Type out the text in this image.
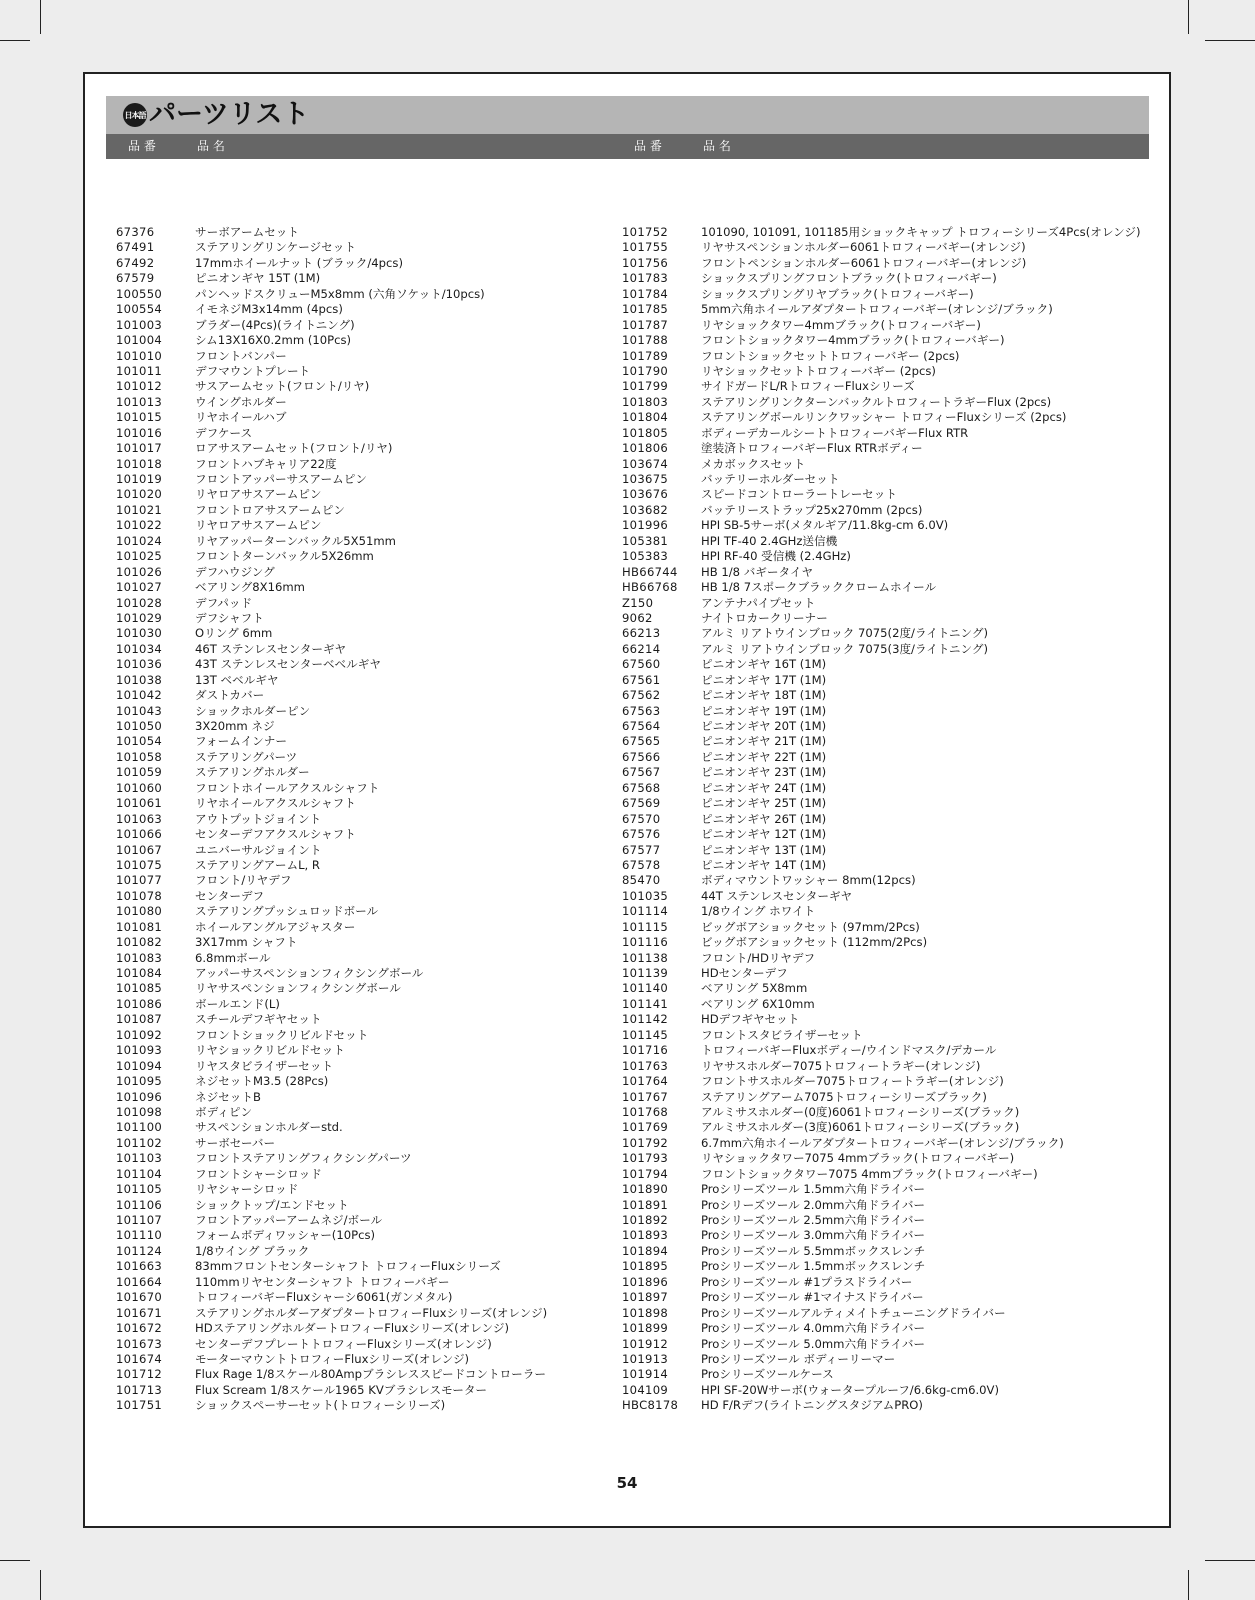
日本語 パーツリスト
品 番	品 名	品 番	品 名
67376	サーボアームセット
67491	ステアリングリンケージセット
67492	17mmホイールナット (ブラック/4pcs)
67579	ピニオンギヤ 15T (1M)
100550	パンヘッドスクリューM5x8mm (六角ソケット/10pcs)
100554	イモネジM3x14mm (4pcs)
101003	ブラダー(4Pcs)(ライトニング)
101004	シム13X16X0.2mm (10Pcs)
101010	フロントバンパー
101011	デフマウントプレート
101012	サスアームセット(フロント/リヤ)
101013	ウイングホルダー
101015	リヤホイールハブ
101016	デフケース
101017	ロアサスアームセット(フロント/リヤ)
101018	フロントハブキャリア22度
101019	フロントアッパーサスアームピン
101020	リヤロアサスアームピン
101021	フロントロアサスアームピン
101022	リヤロアサスアームピン
101024	リヤアッパーターンバックル5X51mm
101025	フロントターンバックル5X26mm
101026	デフハウジング
101027	ベアリング8X16mm
101028	デフパッド
101029	デフシャフト
101030	Oリング 6mm
101034	46T ステンレスセンターギヤ
101036	43T ステンレスセンターベベルギヤ
101038	13T ベベルギヤ
101042	ダストカバー
101043	ショックホルダーピン
101050	3X20mm ネジ
101054	フォームインナー
101058	ステアリングパーツ
101059	ステアリングホルダー
101060	フロントホイールアクスルシャフト
101061	リヤホイールアクスルシャフト
101063	アウトプットジョイント
101066	センターデフアクスルシャフト
101067	ユニバーサルジョイント
101075	ステアリングアームL, R
101077	フロント/リヤデフ
101078	センターデフ
101080	ステアリングプッシュロッドボール
101081	ホイールアングルアジャスター
101082	3X17mm シャフト
101083	6.8mmボール
101084	アッパーサスペンションフィクシングボール
101085	リヤサスペンションフィクシングボール
101086	ボールエンド(L)
101087	スチールデフギヤセット
101092	フロントショックリビルドセット
101093	リヤショックリビルドセット
101094	リヤスタビライザーセット
101095	ネジセットM3.5 (28Pcs)
101096	ネジセットB
101098	ボディピン
101100	サスペンションホルダーstd.
101102	サーボセーバー
101103	フロントステアリングフィクシングパーツ
101104	フロントシャーシロッド
101105	リヤシャーシロッド
101106	ショックトップ/エンドセット
101107	フロントアッパーアームネジ/ボール
101110	フォームボディワッシャー(10Pcs)
101124	1/8ウイング ブラック
101663	83mmフロントセンターシャフト トロフィーFluxシリーズ
101664	110mmリヤセンターシャフト トロフィーバギー
101670	トロフィーバギーFluxシャーシ6061(ガンメタル)
101671	ステアリングホルダーアダプタートロフィーFluxシリーズ(オレンジ)
101672	HDステアリングホルダートロフィーFluxシリーズ(オレンジ)
101673	センターデフプレートトロフィーFluxシリーズ(オレンジ)
101674	モーターマウントトロフィーFluxシリーズ(オレンジ)
101712	Flux Rage 1/8スケール80Ampブラシレススピードコントローラー
101713	Flux Scream 1/8スケール1965 KVブラシレスモーター
101751	ショックスペーサーセット(トロフィーシリーズ)
101752	101090, 101091, 101185用ショックキャップ トロフィーシリーズ4Pcs(オレンジ)
101755	リヤサスペンションホルダー6061トロフィーバギー(オレンジ)
101756	フロントペンションホルダー6061トロフィーバギー(オレンジ)
101783	ショックスプリングフロントブラック(トロフィーバギー)
101784	ショックスプリングリヤブラック(トロフィーバギー)
101785	5mm六角ホイールアダプタートロフィーバギー(オレンジ/ブラック)
101787	リヤショックタワー4mmブラック(トロフィーバギー)
101788	フロントショックタワー4mmブラック(トロフィーバギー)
101789	フロントショックセットトロフィーバギー (2pcs)
101790	リヤショックセットトロフィーバギー (2pcs)
101799	サイドガードL/RトロフィーFluxシリーズ
101803	ステアリングリンクターンバックルトロフィートラギーFlux (2pcs)
101804	ステアリングボールリンクワッシャー トロフィーFluxシリーズ (2pcs)
101805	ボディーデカールシートトロフィーバギーFlux RTR
101806	塗装済トロフィーバギーFlux RTRボディー
103674	メカボックスセット
103675	バッテリーホルダーセット
103676	スピードコントローラートレーセット
103682	バッテリーストラップ25x270mm (2pcs)
101996	HPI SB-5サーボ(メタルギア/11.8kg-cm 6.0V)
105381	HPI TF-40 2.4GHz送信機
105383	HPI RF-40 受信機 (2.4GHz)
HB66744	HB 1/8 バギータイヤ
HB66768	HB 1/8 7スポークブラッククロームホイール
Z150	アンテナパイプセット
9062	ナイトロカークリーナー
66213	アルミ リアトウインブロック 7075(2度/ライトニング)
66214	アルミ リアトウインブロック 7075(3度/ライトニング)
67560	ピニオンギヤ 16T (1M)
67561	ピニオンギヤ 17T (1M)
67562	ピニオンギヤ 18T (1M)
67563	ピニオンギヤ 19T (1M)
67564	ピニオンギヤ 20T (1M)
67565	ピニオンギヤ 21T (1M)
67566	ピニオンギヤ 22T (1M)
67567	ピニオンギヤ 23T (1M)
67568	ピニオンギヤ 24T (1M)
67569	ピニオンギヤ 25T (1M)
67570	ピニオンギヤ 26T (1M)
67576	ピニオンギヤ 12T (1M)
67577	ピニオンギヤ 13T (1M)
67578	ピニオンギヤ 14T (1M)
85470	ボディマウントワッシャー 8mm(12pcs)
101035	44T ステンレスセンターギヤ
101114	1/8ウイング ホワイト
101115	ビッグボアショックセット (97mm/2Pcs)
101116	ビッグボアショックセット (112mm/2Pcs)
101138	フロント/HDリヤデフ
101139	HDセンターデフ
101140	ベアリング 5X8mm
101141	ベアリング 6X10mm
101142	HDデフギヤセット
101145	フロントスタビライザーセット
101716	トロフィーバギーFluxボディー/ウインドマスク/デカール
101763	リヤサスホルダー7075トロフィートラギー(オレンジ)
101764	フロントサスホルダー7075トロフィートラギー(オレンジ)
101767	ステアリングアーム7075トロフィーシリーズブラック)
101768	アルミサスホルダー(0度)6061トロフィーシリーズ(ブラック)
101769	アルミサスホルダー(3度)6061トロフィーシリーズ(ブラック)
101792	6.7mm六角ホイールアダプタートロフィーバギー(オレンジ/ブラック)
101793	リヤショックタワー7075 4mmブラック(トロフィーバギー)
101794	フロントショックタワー7075 4mmブラック(トロフィーバギー)
101890	Proシリーズツール 1.5mm六角ドライバー
101891	Proシリーズツール 2.0mm六角ドライバー
101892	Proシリーズツール 2.5mm六角ドライバー
101893	Proシリーズツール 3.0mm六角ドライバー
101894	Proシリーズツール 5.5mmボックスレンチ
101895	Proシリーズツール 1.5mmボックスレンチ
101896	Proシリーズツール #1プラスドライバー
101897	Proシリーズツール #1マイナスドライバー
101898	Proシリーズツールアルティメイトチューニングドライバー
101899	Proシリーズツール 4.0mm六角ドライバー
101912	Proシリーズツール 5.0mm六角ドライバー
101913	Proシリーズツール ボディーリーマー
101914	Proシリーズツールケース
104109	HPI SF-20Wサーボ(ウォータープルーフ/6.6kg-cm6.0V)
HBC8178	HD F/Rデフ(ライトニングスタジアムPRO)
54
